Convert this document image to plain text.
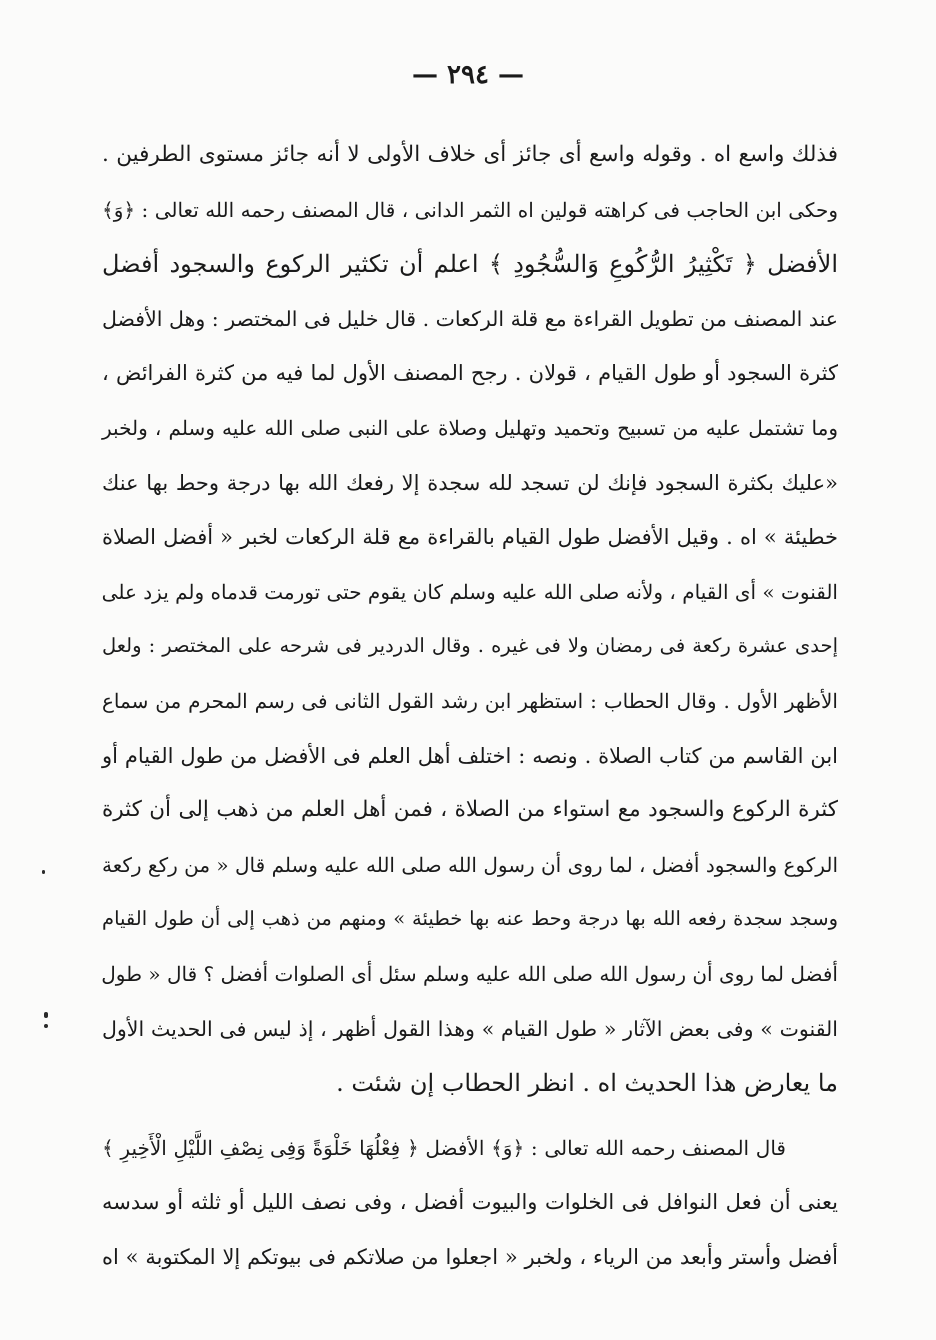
— ٢٩٤ —
فذلك واسع اه . وقوله واسع أى جائز أى خلاف الأولى لا أنه جائز مستوى الطرفين .
وحكى ابن الحاجب فى كراهته قولين اه الثمر الدانى ، قال المصنف رحمه الله تعالى : ﴿وَ﴾
الأفضل ﴿ تَكْثِيرُ الرُّكُوعِ وَالسُّجُودِ ﴾ اعلم أن تكثير الركوع والسجود أفضل
عند المصنف من تطويل القراءة مع قلة الركعات . قال خليل فى المختصر : وهل الأفضل
كثرة السجود أو طول القيام ، قولان . رجح المصنف الأول لما فيه من كثرة الفرائض ،
وما تشتمل عليه من تسبيح وتحميد وتهليل وصلاة على النبى صلى الله عليه وسلم ، ولخبر
«عليك بكثرة السجود فإنك لن تسجد لله سجدة إلا رفعك الله بها درجة وحط بها عنك
خطيئة » اه . وقيل الأفضل طول القيام بالقراءة مع قلة الركعات لخبر « أفضل الصلاة
القنوت » أى القيام ، ولأنه صلى الله عليه وسلم كان يقوم حتى تورمت قدماه ولم يزد على
إحدى عشرة ركعة فى رمضان ولا فى غيره . وقال الدردير فى شرحه على المختصر : ولعل
الأظهر الأول . وقال الحطاب : استظهر ابن رشد القول الثانى فى رسم المحرم من سماع
ابن القاسم من كتاب الصلاة . ونصه : اختلف أهل العلم فى الأفضل من طول القيام أو
كثرة الركوع والسجود مع استواء من الصلاة ، فمن أهل العلم من ذهب إلى أن كثرة
الركوع والسجود أفضل ، لما روى أن رسول الله صلى الله عليه وسلم قال « من ركع ركعة
وسجد سجدة رفعه الله بها درجة وحط عنه بها خطيئة » ومنهم من ذهب إلى أن طول القيام
أفضل لما روى أن رسول الله صلى الله عليه وسلم سئل أى الصلوات أفضل ؟ قال « طول
القنوت » وفى بعض الآثار « طول القيام » وهذا القول أظهر ، إذ ليس فى الحديث الأول
ما يعارض هذا الحديث اه . انظر الحطاب إن شئت .
قال المصنف رحمه الله تعالى : ﴿وَ﴾ الأفضل ﴿ فِعْلُهَا خَلْوَةً وَفِى نِصْفِ اللَّيْلِ الْأَخِيرِ ﴾
يعنى أن فعل النوافل فى الخلوات والبيوت أفضل ، وفى نصف الليل أو ثلثه أو سدسه
أفضل وأستر وأبعد من الرياء ، ولخبر « اجعلوا من صلاتكم فى بيوتكم إلا المكتوبة » اه
